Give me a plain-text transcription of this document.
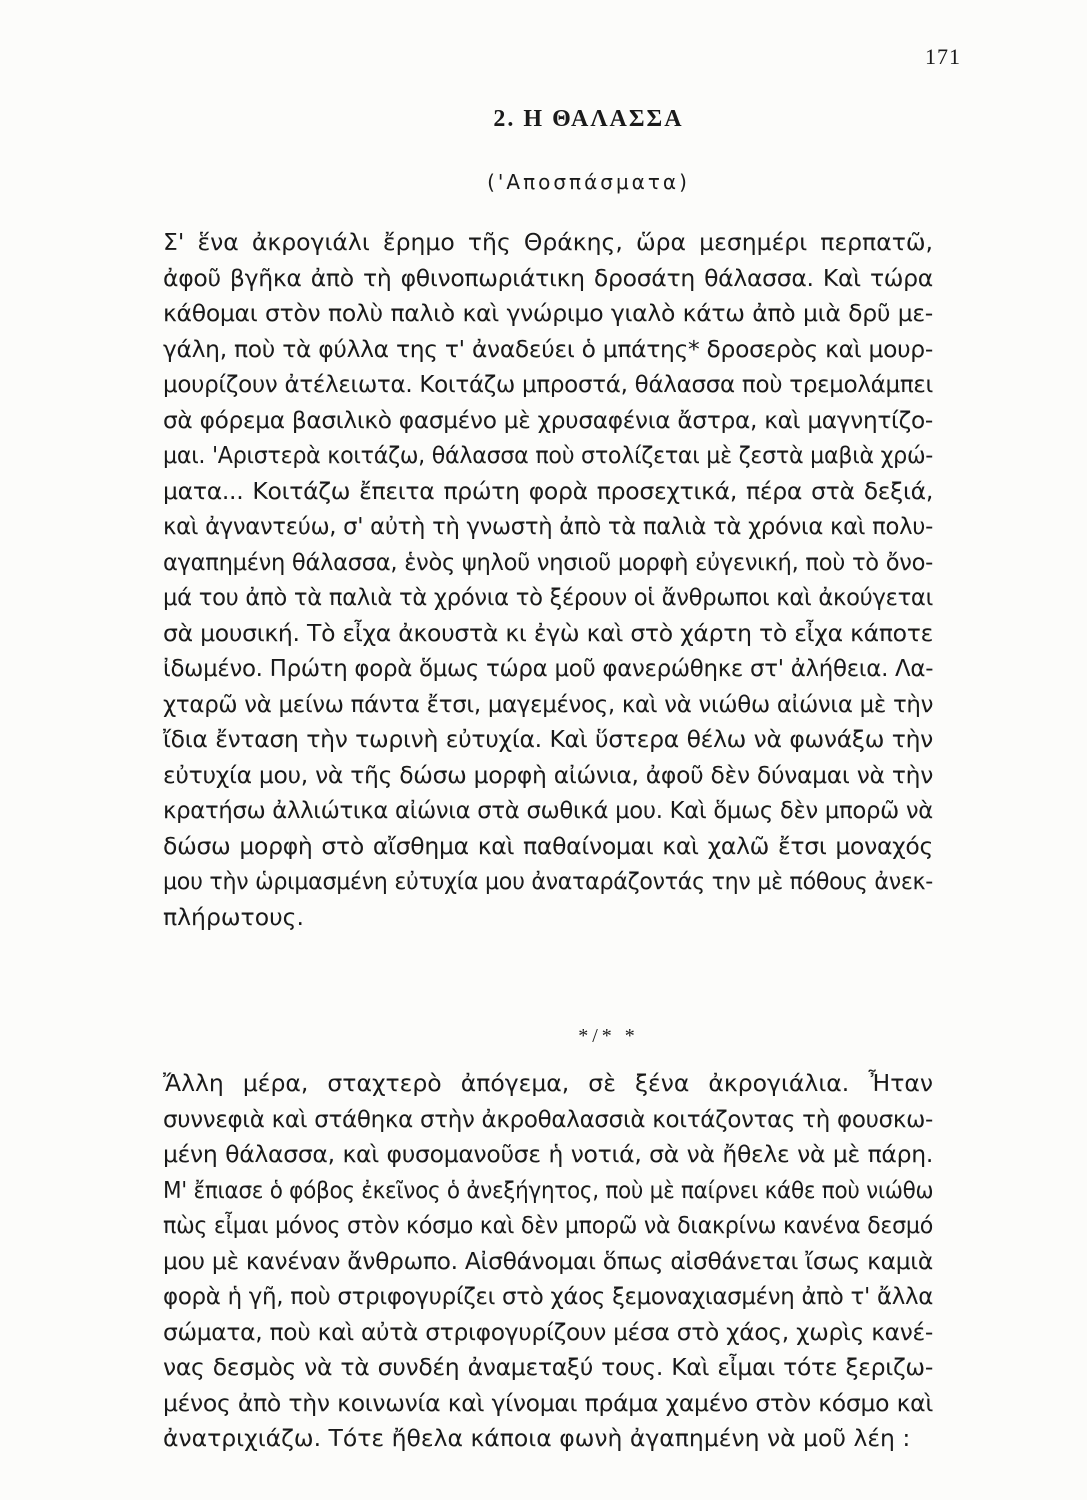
171
2. Η ΘΑΛΑΣΣΑ
('Αποσπάσματα)
Σ' ἕνα ἀκρογιάλι ἔρημο τῆς Θράκης, ὥρα μεσημέρι περπατῶ,
ἀφοῦ βγῆκα ἀπὸ τὴ φθινοπωριάτικη δροσάτη θάλασσα. Καὶ τώρα
κάθομαι στὸν πολὺ παλιὸ καὶ γνώριμο γιαλὸ κάτω ἀπὸ μιὰ δρῦ με-
γάλη, ποὺ τὰ φύλλα της τ' ἀναδεύει ὁ μπάτης* δροσερὸς καὶ μουρ-
μουρίζουν ἀτέλειωτα. Κοιτάζω μπροστά, θάλασσα ποὺ τρεμολάμπει
σὰ φόρεμα βασιλικὸ φασμένο μὲ χρυσαφένια ἄστρα, καὶ μαγνητίζο-
μαι. 'Αριστερὰ κοιτάζω, θάλασσα ποὺ στολίζεται μὲ ζεστὰ μαβιὰ χρώ-
ματα... Κοιτάζω ἔπειτα πρώτη φορὰ προσεχτικά, πέρα στὰ δεξιά,
καὶ ἀγναντεύω, σ' αὐτὴ τὴ γνωστὴ ἀπὸ τὰ παλιὰ τὰ χρόνια καὶ πολυ-
αγαπημένη θάλασσα, ἑνὸς ψηλοῦ νησιοῦ μορφὴ εὐγενική, ποὺ τὸ ὄνο-
μά του ἀπὸ τὰ παλιὰ τὰ χρόνια τὸ ξέρουν οἱ ἄνθρωποι καὶ ἀκούγεται
σὰ μουσική. Τὸ εἶχα ἀκουστὰ κι ἐγὼ καὶ στὸ χάρτη τὸ εἶχα κάποτε
ἰδωμένο. Πρώτη φορὰ ὅμως τώρα μοῦ φανερώθηκε στ' ἀλήθεια. Λα-
χταρῶ νὰ μείνω πάντα ἔτσι, μαγεμένος, καὶ νὰ νιώθω αἰώνια μὲ τὴν
ἴδια ἔνταση τὴν τωρινὴ εὐτυχία. Καὶ ὕστερα θέλω νὰ φωνάξω τὴν
εὐτυχία μου, νὰ τῆς δώσω μορφὴ αἰώνια, ἀφοῦ δὲν δύναμαι νὰ τὴν
κρατήσω ἀλλιώτικα αἰώνια στὰ σωθικά μου. Καὶ ὅμως δὲν μπορῶ νὰ
δώσω μορφὴ στὸ αἴσθημα καὶ παθαίνομαι καὶ χαλῶ ἔτσι μοναχός
μου τὴν ὡριμασμένη εὐτυχία μου ἀναταράζοντάς την μὲ πόθους ἀνεκ-
πλήρωτους.
*/* *
Ἄλλη μέρα, σταχτερὸ ἀπόγεμα, σὲ ξένα ἀκρογιάλια. Ἦταν
συννεφιὰ καὶ στάθηκα στὴν ἀκροθαλασσιὰ κοιτάζοντας τὴ φουσκω-
μένη θάλασσα, καὶ φυσομανοῦσε ἡ νοτιά, σὰ νὰ ἤθελε νὰ μὲ πάρη.
Μ' ἔπιασε ὁ φόβος ἐκεῖνος ὁ ἀνεξήγητος, ποὺ μὲ παίρνει κάθε ποὺ νιώθω
πὼς εἶμαι μόνος στὸν κόσμο καὶ δὲν μπορῶ νὰ διακρίνω κανένα δεσμό
μου μὲ κανέναν ἄνθρωπο. Αἰσθάνομαι ὅπως αἰσθάνεται ἴσως καμιὰ
φορὰ ἡ γῆ, ποὺ στριφογυρίζει στὸ χάος ξεμοναχιασμένη ἀπὸ τ' ἄλλα
σώματα, ποὺ καὶ αὐτὰ στριφογυρίζουν μέσα στὸ χάος, χωρὶς κανέ-
νας δεσμὸς νὰ τὰ συνδέη ἀναμεταξύ τους. Καὶ εἶμαι τότε ξεριζω-
μένος ἀπὸ τὴν κοινωνία καὶ γίνομαι πράμα χαμένο στὸν κόσμο καὶ
ἀνατριχιάζω. Τότε ἤθελα κάποια φωνὴ ἀγαπημένη νὰ μοῦ λέη :
